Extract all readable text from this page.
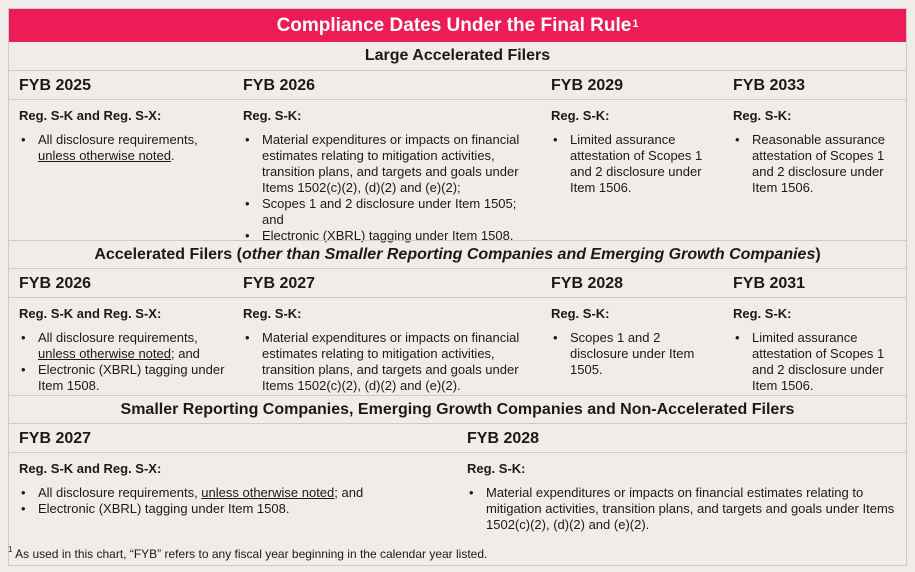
Compliance Dates Under the Final Rule$^1$
Large Accelerated Filers
FYB 2025	FYB 2026	FYB 2029	FYB 2033
Reg. S-K and Reg. S-X:
• All disclosure requirements, unless otherwise noted.
Reg. S-K:
• Material expenditures or impacts on financial estimates relating to mitigation activities, transition plans, and targets and goals under Items 1502(c)(2), (d)(2) and (e)(2);
• Scopes 1 and 2 disclosure under Item 1505; and
• Electronic (XBRL) tagging under Item 1508.
Reg. S-K:
• Limited assurance attestation of Scopes 1 and 2 disclosure under Item 1506.
Reg. S-K:
• Reasonable assurance attestation of Scopes 1 and 2 disclosure under Item 1506.
Accelerated Filers ( other than Smaller Reporting Companies and Emerging Growth Companies )
FYB 2026	FYB 2027	FYB 2028	FYB 2031
Reg. S-K and Reg. S-X:
• All disclosure requirements, unless otherwise noted; and
• Electronic (XBRL) tagging under Item 1508.
Reg. S-K:
• Material expenditures or impacts on financial estimates relating to mitigation activities, transition plans, and targets and goals under Items 1502(c)(2), (d)(2) and (e)(2).
Reg. S-K:
• Scopes 1 and 2 disclosure under Item 1505.
Reg. S-K:
• Limited assurance attestation of Scopes 1 and 2 disclosure under Item 1506.
Smaller Reporting Companies, Emerging Growth Companies and Non-Accelerated Filers
FYB 2027	FYB 2028
Reg. S-K and Reg. S-X:
• All disclosure requirements, unless otherwise noted; and
• Electronic (XBRL) tagging under Item 1508.
Reg. S-K:
• Material expenditures or impacts on financial estimates relating to mitigation activities, transition plans, and targets and goals under Items 1502(c)(2), (d)(2) and (e)(2).
$^1$ As used in this chart, “FYB” refers to any fiscal year beginning in the calendar year listed.
